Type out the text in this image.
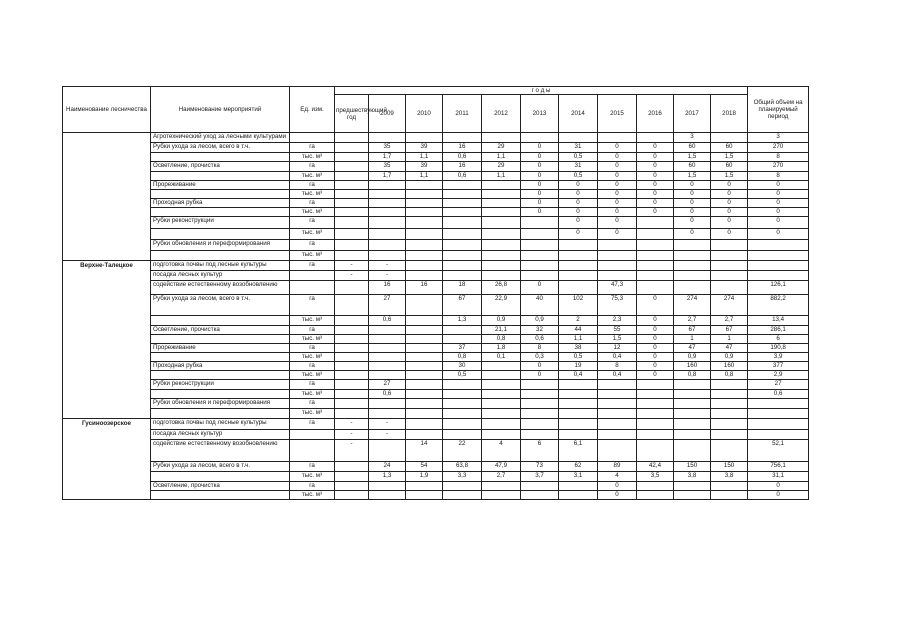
Наименование лесничества	Наименование мероприятий	Ед. изм.	г о д ы											Общий объем на планируемый период
			предшествующий год	2009	2010	2011	2012	2013	2014	2015	2016	2017	2018	
	Агротехнический уход за лесными культурами											3		3
	Рубки ухода за лесом, всего в т.ч.	га		35	39	16	29	0	31	0	0	60	60	270
		тыс. м³		1,7	1,1	0,6	1,1	0	0,5	0	0	1,5	1,5	8
	Осветление, прочистка	га		35	39	16	29	0	31	0	0	60	60	270
		тыс. м³		1,7	1,1	0,6	1,1	0	0,5	0	0	1,5	1,5	8
	Прореживание	га						0	0	0	0	0	0	0
		тыс. м³						0	0	0	0	0	0	0
	Проходная рубка	га						0	0	0	0	0	0	0
		тыс. м³						0	0	0	0	0	0	0
	Рубки реконструкции	га							0	0		0	0	0
		тыс. м³							0	0		0	0	0
	Рубки обновления и переформирования	га												
		тыс. м³												
Верхне-Талецкое	подготовка почвы под лесные культуры	га	-	-										
	посадка лесных культур		-	-										
	содействие естественному возобновлению			16	16	18	26,8	0		47,3				126,1
	Рубки ухода за лесом, всего в т.ч.	га		27		67	22,9	40	102	75,3	0	274	274	882,2
		тыс. м³		0,6		1,3	0,9	0,9	2	2,3	0	2,7	2,7	13,4
	Осветление, прочистка	га					21,1	32	44	55	0	67	67	286,1
		тыс. м³					0,8	0,6	1,1	1,5	0	1	1	6
	Прореживание	га				37	1,8	8	38	12	0	47	47	190,8
		тыс. м³				0,8	0,1	0,3	0,5	0,4	0	0,9	0,9	3,9
	Проходная рубка	га				30		0	19	8	0	160	160	377
		тыс. м³				0,5		0	0,4	0,4	0	0,8	0,8	2,9
	Рубки реконструкции	га		27										27
		тыс. м³		0,6										0,6
	Рубки обновления и переформирования	га												
		тыс. м³												
Гусиноозерское	подготовка почвы под лесные культуры	га	-	-										
	посадка лесных культур		-	-										
	содействие естественному возобновлению		-		14	22	4	6	6,1					52,1
	Рубки ухода за лесом, всего в т.ч.	га		24	54	63,8	47,9	73	62	89	42,4	150	150	756,1
		тыс. м³		1,3	1,9	3,3	2,7	3,7	3,1	4	3,5	3,8	3,8	31,1
	Осветление, прочистка	га								0				0
		тыс. м³								0				0
